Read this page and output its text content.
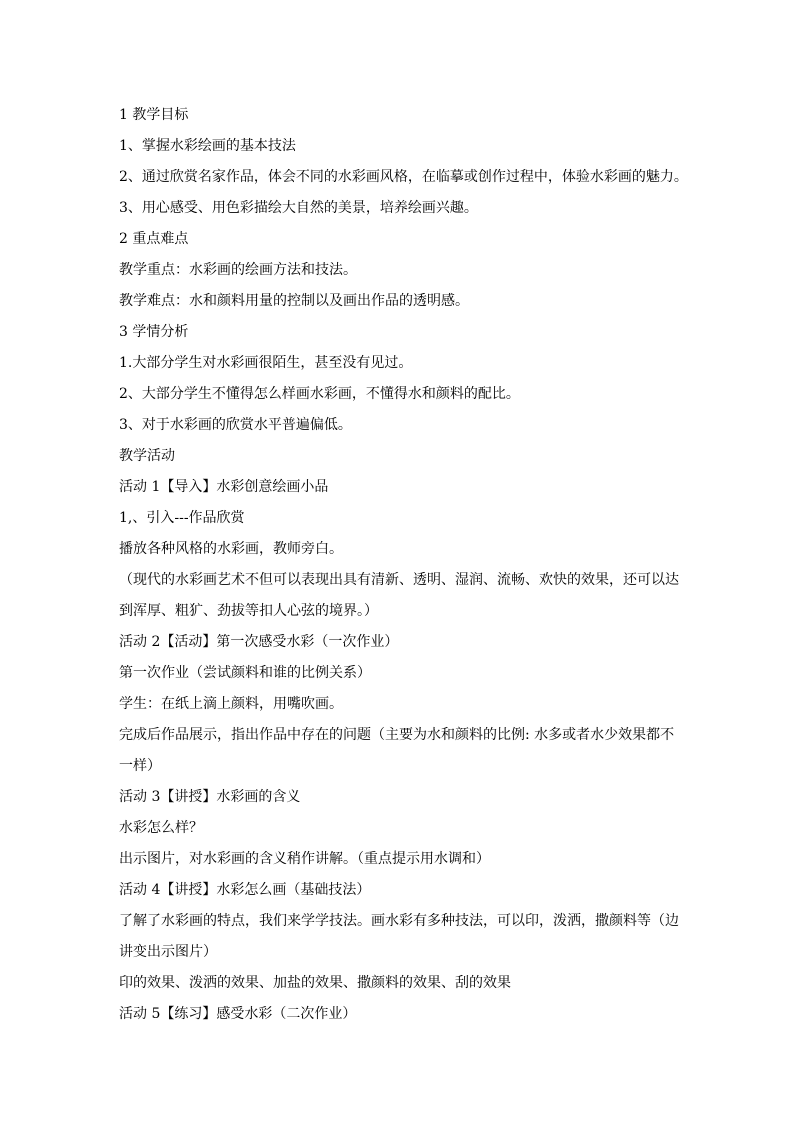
1 教学目标

1、掌握水彩绘画的基本技法

2、通过欣赏名家作品，体会不同的水彩画风格，在临摹或创作过程中，体验水彩画的魅力。

3、用心感受、用色彩描绘大自然的美景，培养绘画兴趣。

2 重点难点

教学重点：水彩画的绘画方法和技法。

教学难点：水和颜料用量的控制以及画出作品的透明感。

3 学情分析

1.大部分学生对水彩画很陌生，甚至没有见过。

2、大部分学生不懂得怎么样画水彩画，不懂得水和颜料的配比。

3、对于水彩画的欣赏水平普遍偏低。

教学活动

活动 1【导入】水彩创意绘画小品

1,、引入---作品欣赏

播放各种风格的水彩画，教师旁白。

（现代的水彩画艺术不但可以表现出具有清新、透明、湿润、流畅、欢快的效果，还可以达

到浑厚、粗犷、劲拔等扣人心弦的境界。）

活动 2【活动】第一次感受水彩（一次作业）

第一次作业（尝试颜料和谁的比例关系）

学生：在纸上滴上颜料，用嘴吹画。

完成后作品展示，指出作品中存在的问题（主要为水和颜料的比例: 水多或者水少效果都不

一样）

活动 3【讲授】水彩画的含义

水彩怎么样？

出示图片，对水彩画的含义稍作讲解。（重点提示用水调和）

活动 4【讲授】水彩怎么画（基础技法）

了解了水彩画的特点，我们来学学技法。画水彩有多种技法，可以印，泼洒，撒颜料等（边

讲变出示图片）

印的效果、泼洒的效果、加盐的效果、撒颜料的效果、刮的效果

活动 5【练习】感受水彩（二次作业）
